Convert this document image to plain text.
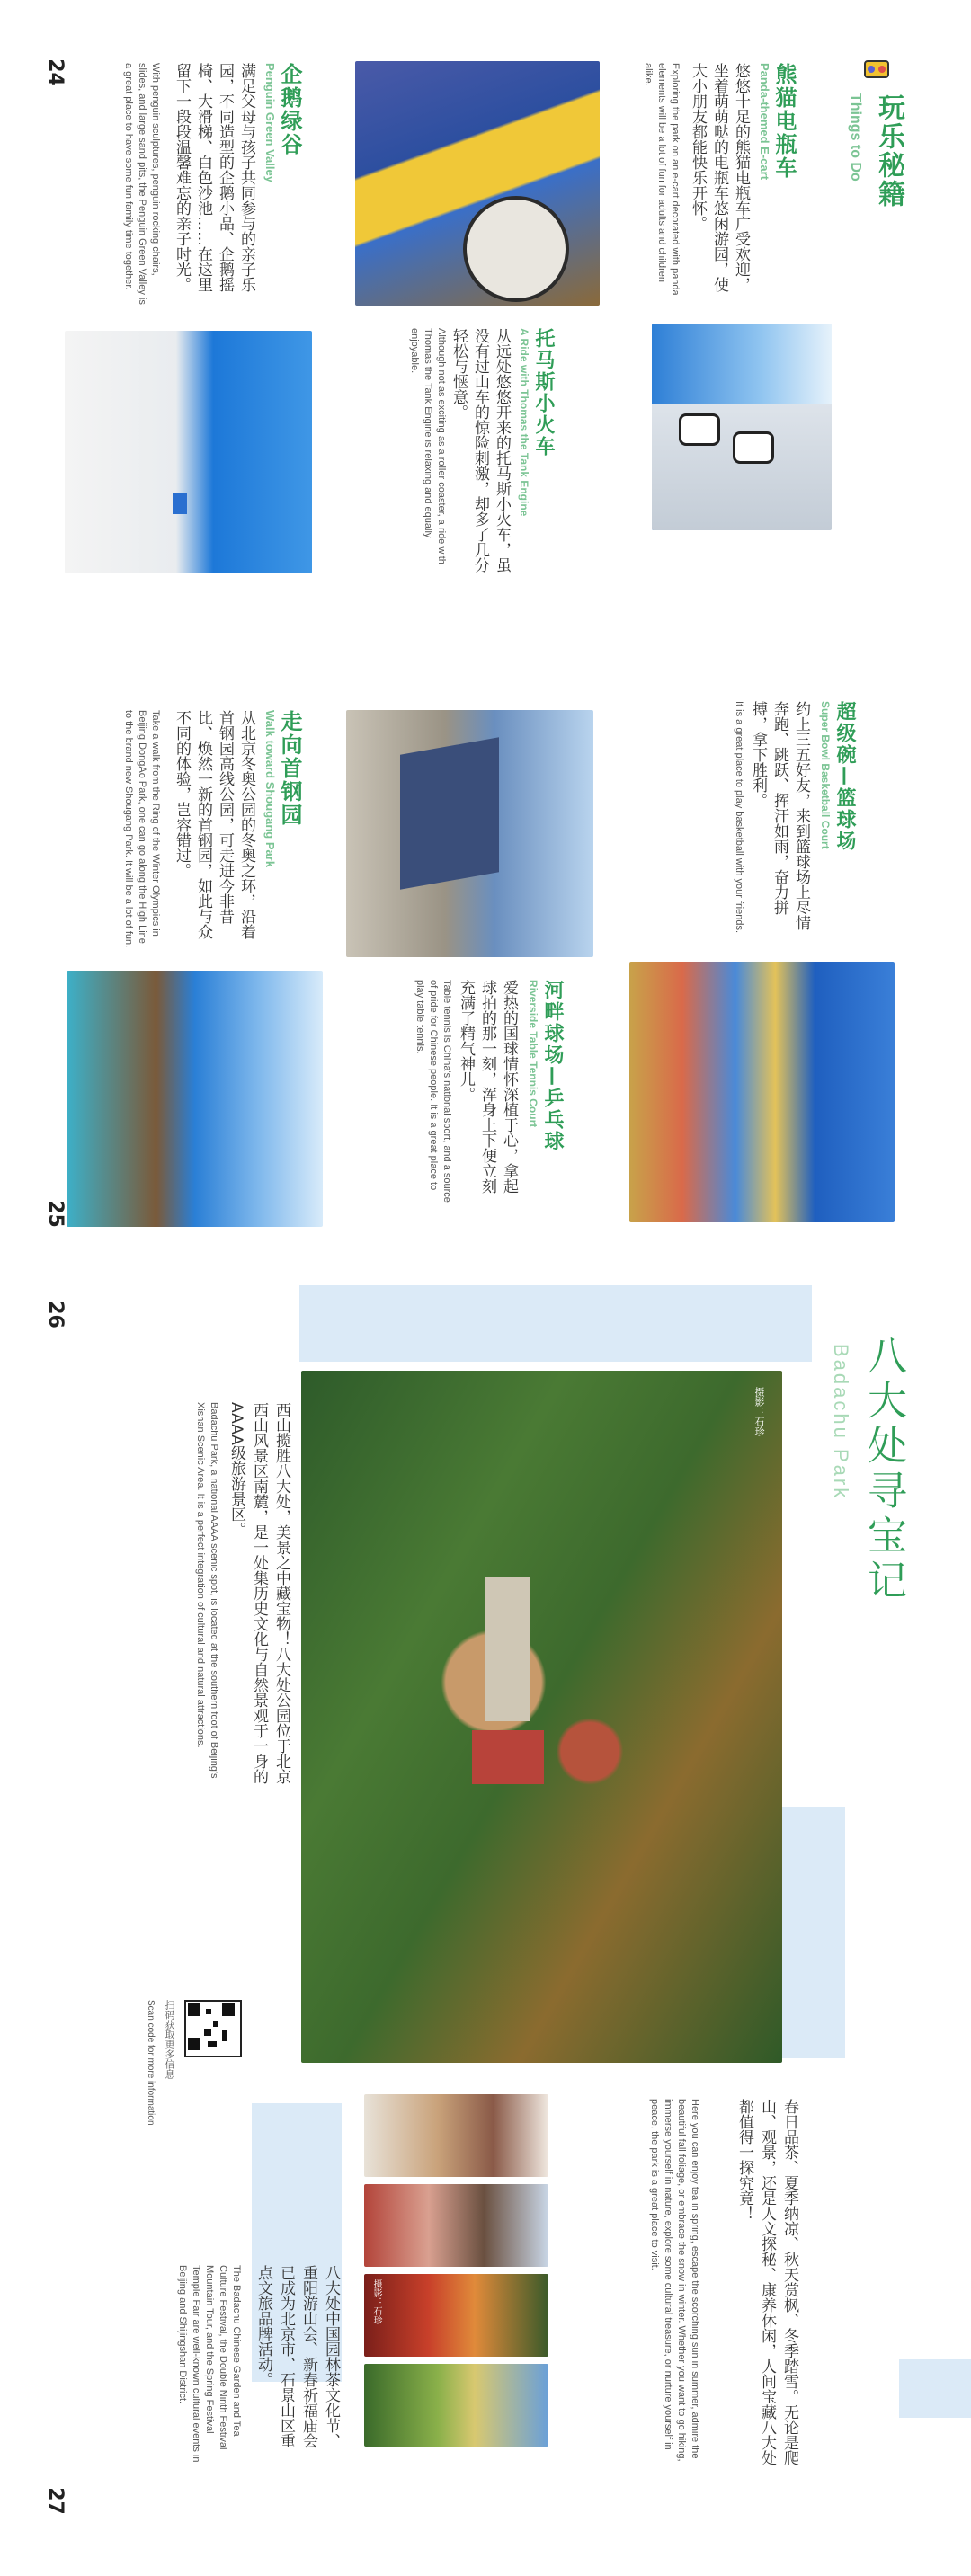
24
25
26
27
玩乐秘籍
Things to Do
熊猫电瓶车
Panda-themed E-cart
悠悠十足的熊猫电瓶车广受欢迎，坐着萌萌哒的电瓶车悠闲游园，使大小朋友都能快乐开怀。
Exploring the park on an e-cart decorated with panda elements will be a lot of fun for adults and children alike.
托马斯小火车
A Ride with Thomas the Tank Engine
从远处悠悠开来的托马斯小火车，虽没有过山车的惊险刺激，却多了几分轻松与惬意。
Although not as exciting as a roller coaster, a ride with Thomas the Tank Engine is relaxing and equally enjoyable.
企鹅绿谷
Penguin Green Valley
满足父母与孩子共同参与的亲子乐园，不同造型的企鹅小品、企鹅摇椅、大滑梯、白色沙池……在这里留下一段段温馨难忘的亲子时光。
With penguin sculptures, penguin rocking chairs, slides, and large sand pits, the Penguin Green Valley is a great place to have some fun family time together.
超级碗—篮球场
Super Bowl Basketball Court
约上三五好友，来到篮球场上尽情奔跑、跳跃、挥汗如雨，奋力拼搏，拿下胜利。
It is a great place to play basketball with your friends.
走向首钢园
Walk toward Shougang Park
从北京冬奥公园的冬奥之环，沿着首钢园高线公园，可走进今非昔比、焕然一新的首钢园，如此与众不同的体验，岂容错过。
Take a walk from the Ring of the Winter Olympics in Beijing DongAo Park, one can go along the High Line to the brand new Shougang Park. It will be a lot of fun.
河畔球场—乒乓球
Riverside Table Tennis Court
爱热的国球情怀深植于心，拿起球拍的那一刻，浑身上下便立刻充满了精气神儿。
Table tennis is China's national sport, and a source of pride for Chinese people. It is a great place to play table tennis.
八大处寻宝记
Badachu Park
摄影：石珍
西山揽胜八大处，美景之中藏宝物！八大处公园位于北京西山风景区南麓，是一处集历史文化与自然景观于一身的AAAA级旅游景区。
Badachu Park, a national AAAA scenic spot, is located at the southern foot of Beijing's Xishan Scenic Area. It is a perfect integration of cultural and natural attractions.
扫码获取更多信息
Scan code for more information
春日品茶、夏季纳凉、秋天赏枫、冬季踏雪。无论是爬山、观景，还是人文探秘、康养休闲，人间宝藏八大处都值得一探究竟！
Here you can enjoy tea in spring, escape the scorching sun in summer, admire the beautiful fall foliage, or embrace the snow in winter. Whether you want to go hiking, immerse yourself in nature, explore some cultural treasure, or nurture yourself in peace, the park is a great place to visit.
八大处中国园林茶文化节、重阳游山会、新春祈福庙会已成为北京市、石景山区重点文旅品牌活动。
The Badachu Chinese Garden and Tea Culture Festival, the Double Ninth Festival Mountain Tour, and the Spring Festival Temple Fair are well-known cultural events in Beijing and Shijingshan District.	摄影：石珍
